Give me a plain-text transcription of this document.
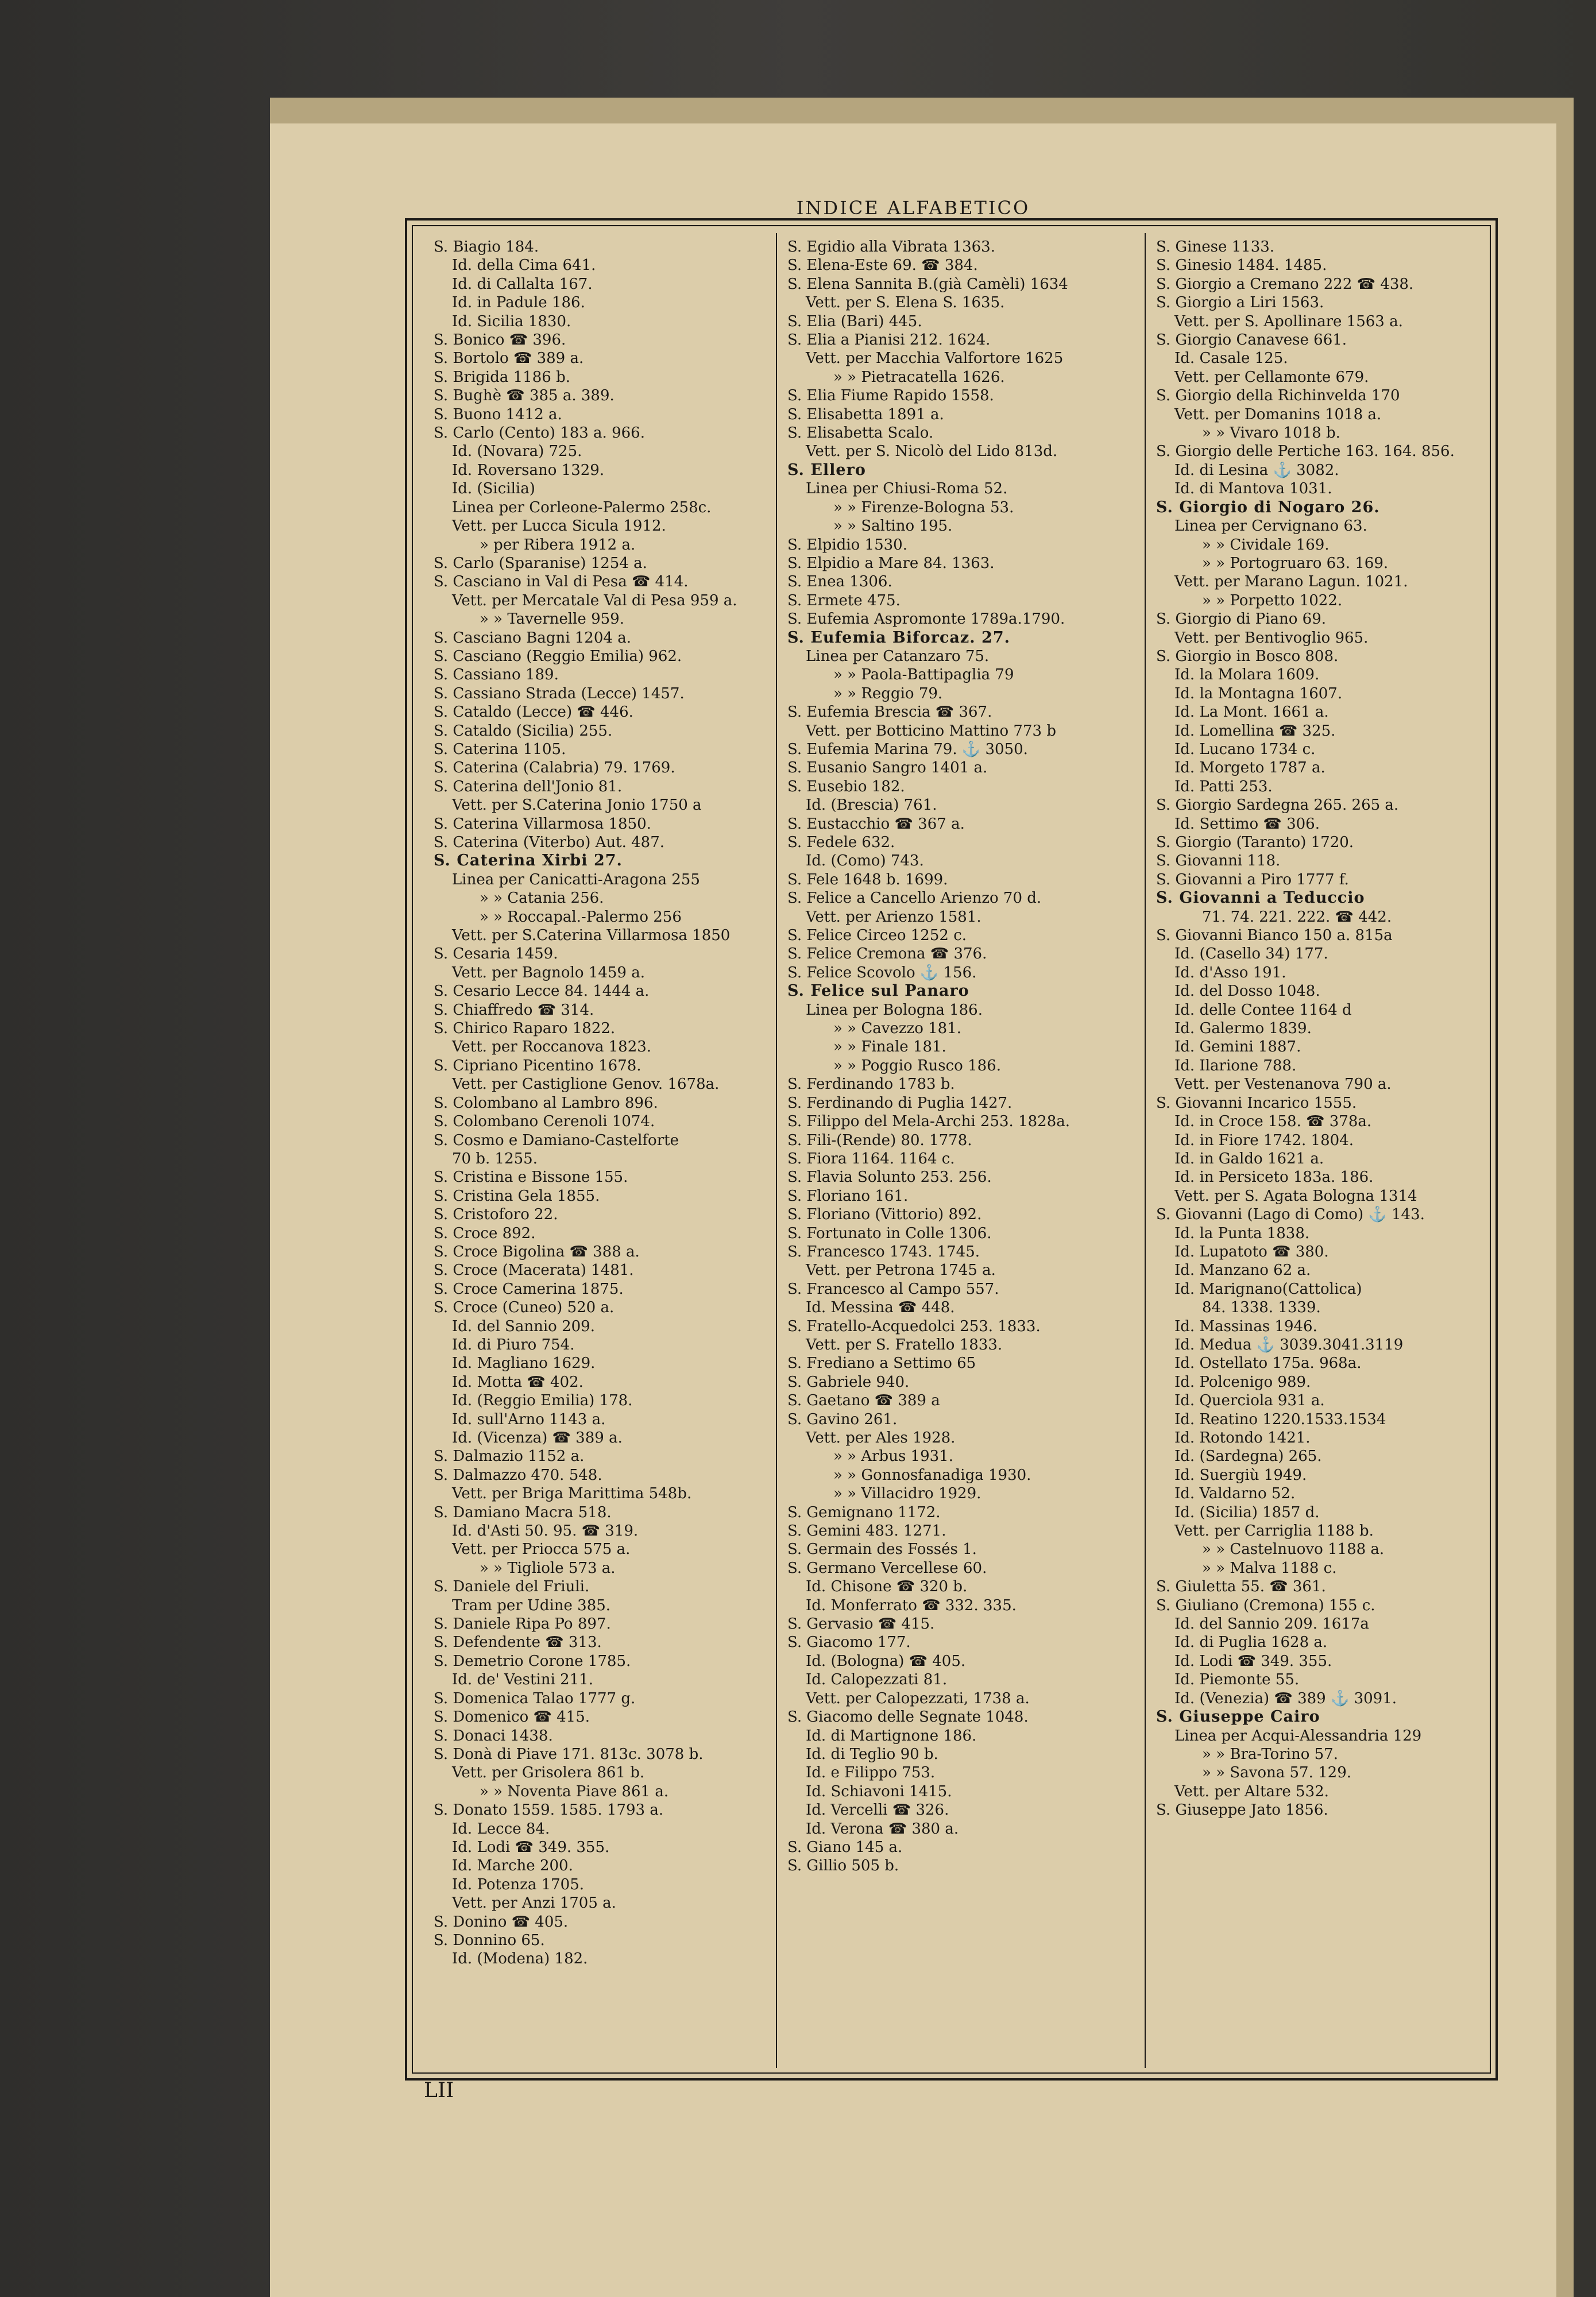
INDICE ALFABETICO
S. Biagio 184.
Id. della Cima 641.
Id. di Callalta 167.
Id. in Padule 186.
Id. Sicilia 1830.
S. Bonico ☎ 396.
S. Bortolo ☎ 389 a.
S. Brigida 1186 b.
S. Bughè ☎ 385 a. 389.
S. Buono 1412 a.
S. Carlo (Cento) 183 a. 966.
Id. (Novara) 725.
Id. Roversano 1329.
Id. (Sicilia)
Linea per Corleone-Palermo 258c.
Vett. per Lucca Sicula 1912.
» per Ribera 1912 a.
S. Carlo (Sparanise) 1254 a.
S. Casciano in Val di Pesa ☎ 414.
Vett. per Mercatale Val di Pesa 959 a.
» » Tavernelle 959.
S. Casciano Bagni 1204 a.
S. Casciano (Reggio Emilia) 962.
S. Cassiano 189.
S. Cassiano Strada (Lecce) 1457.
S. Cataldo (Lecce) ☎ 446.
S. Cataldo (Sicilia) 255.
S. Caterina 1105.
S. Caterina (Calabria) 79. 1769.
S. Caterina dell'Jonio 81.
Vett. per S.Caterina Jonio 1750 a
S. Caterina Villarmosa 1850.
S. Caterina (Viterbo) Aut. 487.
S. Caterina Xirbi 27.
Linea per Canicatti-Aragona 255
» » Catania 256.
» » Roccapal.-Palermo 256
Vett. per S.Caterina Villarmosa 1850
S. Cesaria 1459.
Vett. per Bagnolo 1459 a.
S. Cesario Lecce 84. 1444 a.
S. Chiaffredo ☎ 314.
S. Chirico Raparo 1822.
Vett. per Roccanova 1823.
S. Cipriano Picentino 1678.
Vett. per Castiglione Genov. 1678a.
S. Colombano al Lambro 896.
S. Colombano Cerenoli 1074.
S. Cosmo e Damiano-Castelforte
70 b. 1255.
S. Cristina e Bissone 155.
S. Cristina Gela 1855.
S. Cristoforo 22.
S. Croce 892.
S. Croce Bigolina ☎ 388 a.
S. Croce (Macerata) 1481.
S. Croce Camerina 1875.
S. Croce (Cuneo) 520 a.
Id. del Sannio 209.
Id. di Piuro 754.
Id. Magliano 1629.
Id. Motta ☎ 402.
Id. (Reggio Emilia) 178.
Id. sull'Arno 1143 a.
Id. (Vicenza) ☎ 389 a.
S. Dalmazio 1152 a.
S. Dalmazzo 470. 548.
Vett. per Briga Marittima 548b.
S. Damiano Macra 518.
Id. d'Asti 50. 95. ☎ 319.
Vett. per Priocca 575 a.
» » Tigliole 573 a.
S. Daniele del Friuli.
Tram per Udine 385.
S. Daniele Ripa Po 897.
S. Defendente ☎ 313.
S. Demetrio Corone 1785.
Id. de' Vestini 211.
S. Domenica Talao 1777 g.
S. Domenico ☎ 415.
S. Donaci 1438.
S. Donà di Piave 171. 813c. 3078 b.
Vett. per Grisolera 861 b.
» » Noventa Piave 861 a.
S. Donato 1559. 1585. 1793 a.
Id. Lecce 84.
Id. Lodi ☎ 349. 355.
Id. Marche 200.
Id. Potenza 1705.
Vett. per Anzi 1705 a.
S. Donino ☎ 405.
S. Donnino 65.
Id. (Modena) 182.
S. Egidio alla Vibrata 1363.
S. Elena-Este 69. ☎ 384.
S. Elena Sannita B.(già Camèli) 1634
Vett. per S. Elena S. 1635.
S. Elia (Bari) 445.
S. Elia a Pianisi 212. 1624.
Vett. per Macchia Valfortore 1625
» » Pietracatella 1626.
S. Elia Fiume Rapido 1558.
S. Elisabetta 1891 a.
S. Elisabetta Scalo.
Vett. per S. Nicolò del Lido 813d.
S. Ellero
Linea per Chiusi-Roma 52.
» » Firenze-Bologna 53.
» » Saltino 195.
S. Elpidio 1530.
S. Elpidio a Mare 84. 1363.
S. Enea 1306.
S. Ermete 475.
S. Eufemia Aspromonte 1789a.1790.
S. Eufemia Biforcaz. 27.
Linea per Catanzaro 75.
» » Paola-Battipaglia 79
» » Reggio 79.
S. Eufemia Brescia ☎ 367.
Vett. per Botticino Mattino 773 b
S. Eufemia Marina 79. ⚓ 3050.
S. Eusanio Sangro 1401 a.
S. Eusebio 182.
Id. (Brescia) 761.
S. Eustacchio ☎ 367 a.
S. Fedele 632.
Id. (Como) 743.
S. Fele 1648 b. 1699.
S. Felice a Cancello Arienzo 70 d.
Vett. per Arienzo 1581.
S. Felice Circeo 1252 c.
S. Felice Cremona ☎ 376.
S. Felice Scovolo ⚓ 156.
S. Felice sul Panaro
Linea per Bologna 186.
» » Cavezzo 181.
» » Finale 181.
» » Poggio Rusco 186.
S. Ferdinando 1783 b.
S. Ferdinando di Puglia 1427.
S. Filippo del Mela-Archi 253. 1828a.
S. Fili-(Rende) 80. 1778.
S. Fiora 1164. 1164 c.
S. Flavia Solunto 253. 256.
S. Floriano 161.
S. Floriano (Vittorio) 892.
S. Fortunato in Colle 1306.
S. Francesco 1743. 1745.
Vett. per Petrona 1745 a.
S. Francesco al Campo 557.
Id. Messina ☎ 448.
S. Fratello-Acquedolci 253. 1833.
Vett. per S. Fratello 1833.
S. Frediano a Settimo 65
S. Gabriele 940.
S. Gaetano ☎ 389 a
S. Gavino 261.
Vett. per Ales 1928.
» » Arbus 1931.
» » Gonnosfanadiga 1930.
» » Villacidro 1929.
S. Gemignano 1172.
S. Gemini 483. 1271.
S. Germain des Fossés 1.
S. Germano Vercellese 60.
Id. Chisone ☎ 320 b.
Id. Monferrato ☎ 332. 335.
S. Gervasio ☎ 415.
S. Giacomo 177.
Id. (Bologna) ☎ 405.
Id. Calopezzati 81.
Vett. per Calopezzati, 1738 a.
S. Giacomo delle Segnate 1048.
Id. di Martignone 186.
Id. di Teglio 90 b.
Id. e Filippo 753.
Id. Schiavoni 1415.
Id. Vercelli ☎ 326.
Id. Verona ☎ 380 a.
S. Giano 145 a.
S. Gillio 505 b.
S. Ginese 1133.
S. Ginesio 1484. 1485.
S. Giorgio a Cremano 222 ☎ 438.
S. Giorgio a Liri 1563.
Vett. per S. Apollinare 1563 a.
S. Giorgio Canavese 661.
Id. Casale 125.
Vett. per Cellamonte 679.
S. Giorgio della Richinvelda 170
Vett. per Domanins 1018 a.
» » Vivaro 1018 b.
S. Giorgio delle Pertiche 163. 164. 856.
Id. di Lesina ⚓ 3082.
Id. di Mantova 1031.
S. Giorgio di Nogaro 26.
Linea per Cervignano 63.
» » Cividale 169.
» » Portogruaro 63. 169.
Vett. per Marano Lagun. 1021.
» » Porpetto 1022.
S. Giorgio di Piano 69.
Vett. per Bentivoglio 965.
S. Giorgio in Bosco 808.
Id. la Molara 1609.
Id. la Montagna 1607.
Id. La Mont. 1661 a.
Id. Lomellina ☎ 325.
Id. Lucano 1734 c.
Id. Morgeto 1787 a.
Id. Patti 253.
S. Giorgio Sardegna 265. 265 a.
Id. Settimo ☎ 306.
S. Giorgio (Taranto) 1720.
S. Giovanni 118.
S. Giovanni a Piro 1777 f.
S. Giovanni a Teduccio
71. 74. 221. 222. ☎ 442.
S. Giovanni Bianco 150 a. 815a
Id. (Casello 34) 177.
Id. d'Asso 191.
Id. del Dosso 1048.
Id. delle Contee 1164 d
Id. Galermo 1839.
Id. Gemini 1887.
Id. Ilarione 788.
Vett. per Vestenanova 790 a.
S. Giovanni Incarico 1555.
Id. in Croce 158. ☎ 378a.
Id. in Fiore 1742. 1804.
Id. in Galdo 1621 a.
Id. in Persiceto 183a. 186.
Vett. per S. Agata Bologna 1314
S. Giovanni (Lago di Como) ⚓ 143.
Id. la Punta 1838.
Id. Lupatoto ☎ 380.
Id. Manzano 62 a.
Id. Marignano(Cattolica)
84. 1338. 1339.
Id. Massinas 1946.
Id. Medua ⚓ 3039.3041.3119
Id. Ostellato 175a. 968a.
Id. Polcenigo 989.
Id. Querciola 931 a.
Id. Reatino 1220.1533.1534
Id. Rotondo 1421.
Id. (Sardegna) 265.
Id. Suergiù 1949.
Id. Valdarno 52.
Id. (Sicilia) 1857 d.
Vett. per Carriglia 1188 b.
» » Castelnuovo 1188 a.
» » Malva 1188 c.
S. Giuletta 55. ☎ 361.
S. Giuliano (Cremona) 155 c.
Id. del Sannio 209. 1617a
Id. di Puglia 1628 a.
Id. Lodi ☎ 349. 355.
Id. Piemonte 55.
Id. (Venezia) ☎ 389 ⚓ 3091.
S. Giuseppe Cairo
Linea per Acqui-Alessandria 129
» » Bra-Torino 57.
» » Savona 57. 129.
Vett. per Altare 532.
S. Giuseppe Jato 1856.
LII
